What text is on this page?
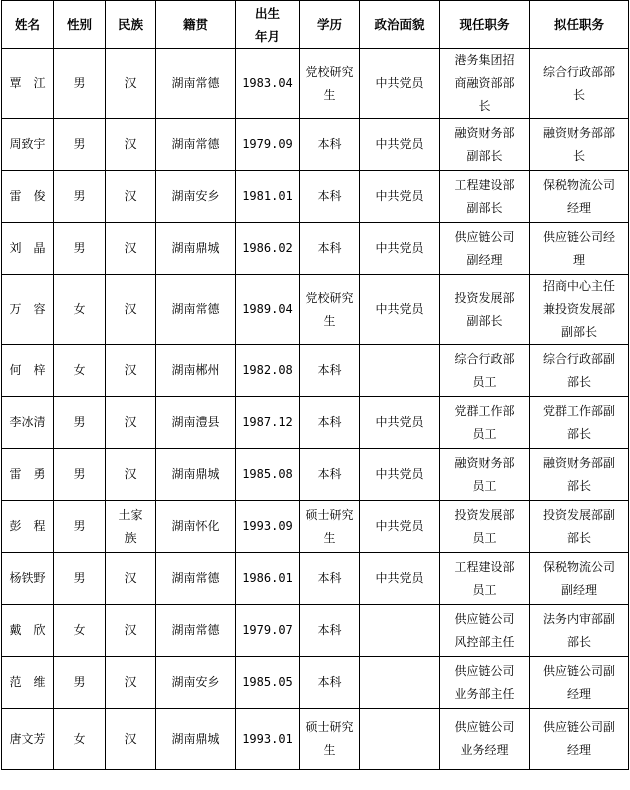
姓名	性别	民族	籍贯	出生年月	学历	政治面貌	现任职务	拟任职务
覃　江	男	汉	湖南常德	1983.04	党校研究生	中共党员	港务集团招商融资部部长	综合行政部部长
周致宇	男	汉	湖南常德	1979.09	本科	中共党员	融资财务部副部长	融资财务部部长
雷　俊	男	汉	湖南安乡	1981.01	本科	中共党员	工程建设部副部长	保税物流公司经理
刘　晶	男	汉	湖南鼎城	1986.02	本科	中共党员	供应链公司副经理	供应链公司经理
万　容	女	汉	湖南常德	1989.04	党校研究生	中共党员	投资发展部副部长	招商中心主任兼投资发展部副部长
何　梓	女	汉	湖南郴州	1982.08	本科		综合行政部员工	综合行政部副部长
李冰清	男	汉	湖南澧县	1987.12	本科	中共党员	党群工作部员工	党群工作部副部长
雷　勇	男	汉	湖南鼎城	1985.08	本科	中共党员	融资财务部员工	融资财务部副部长
彭　程	男	土家族	湖南怀化	1993.09	硕士研究生	中共党员	投资发展部员工	投资发展部副部长
杨铁野	男	汉	湖南常德	1986.01	本科	中共党员	工程建设部员工	保税物流公司副经理
戴　欣	女	汉	湖南常德	1979.07	本科		供应链公司风控部主任	法务内审部副部长
范　维	男	汉	湖南安乡	1985.05	本科		供应链公司业务部主任	供应链公司副经理
唐文芳	女	汉	湖南鼎城	1993.01	硕士研究生		供应链公司业务经理	供应链公司副经理
